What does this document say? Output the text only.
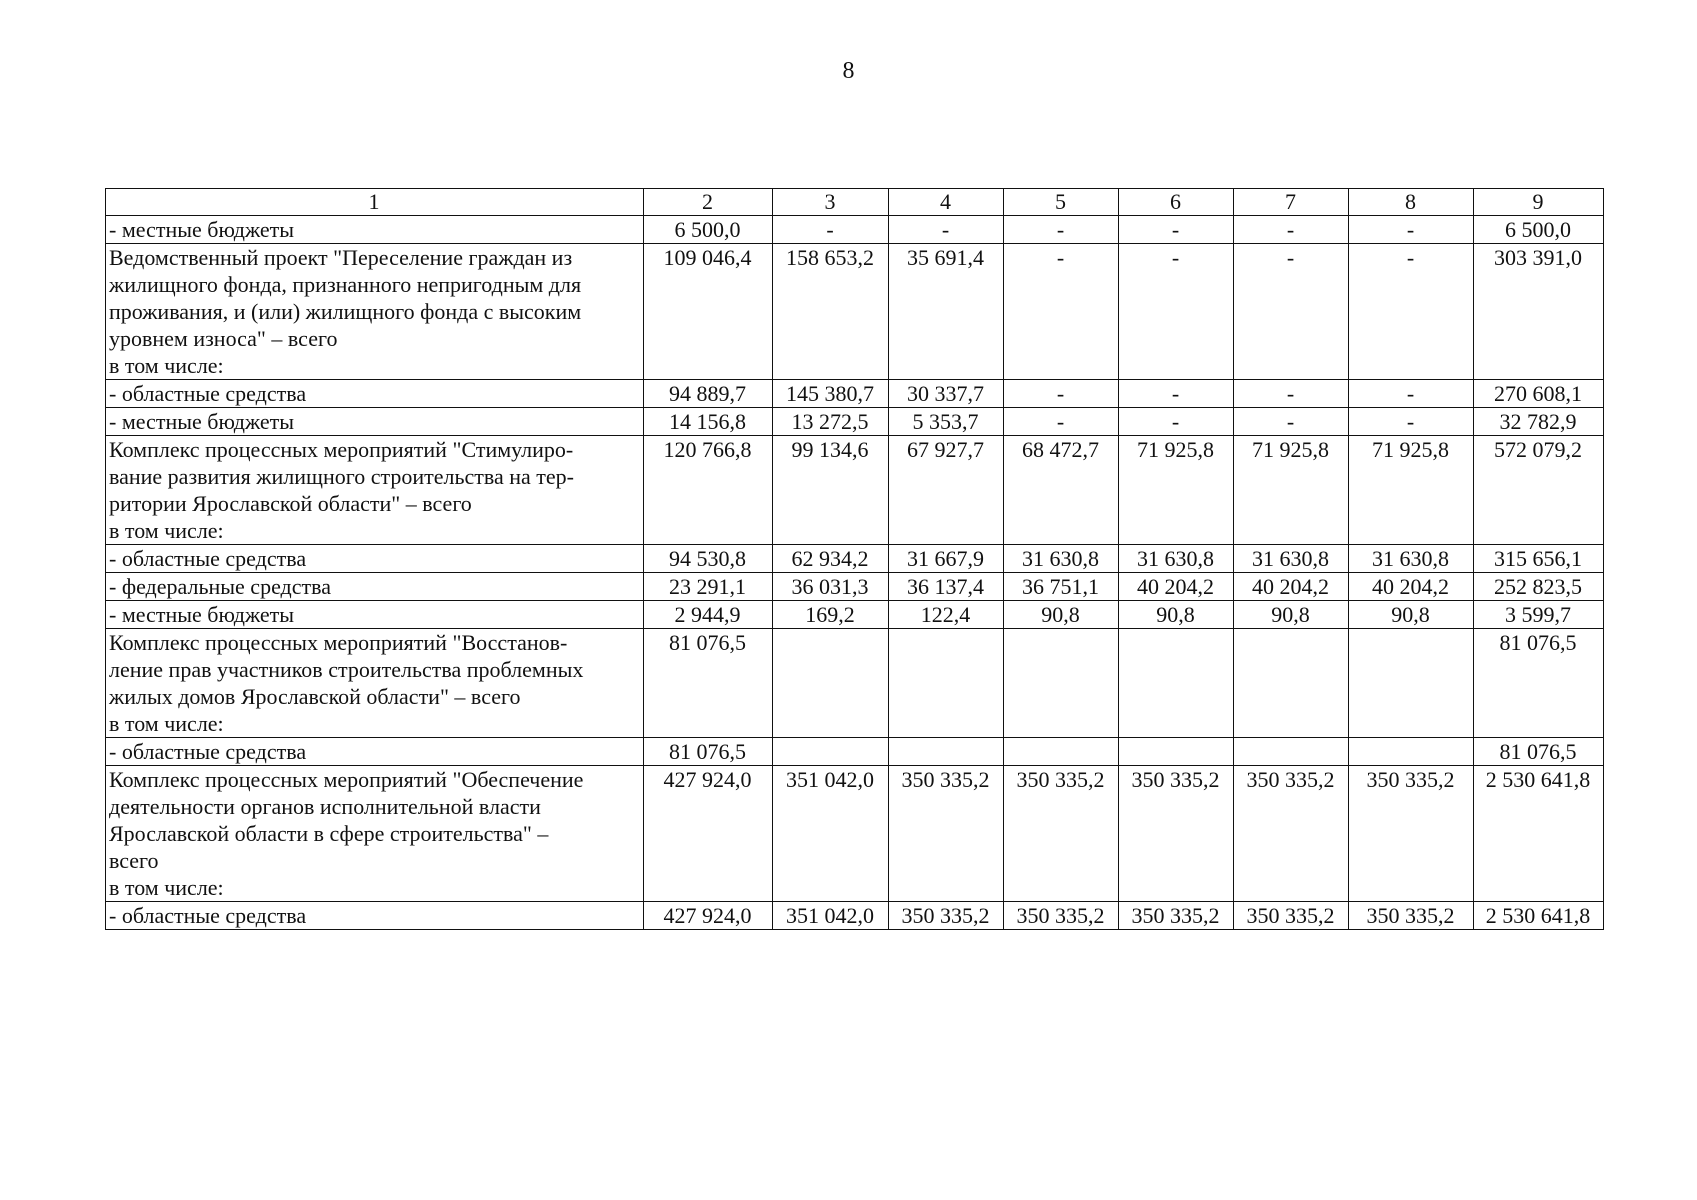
8
1	2	3	4	5	6	7	8	9

- местные бюджеты	6 500,0	-	-	-	-	-	-	6 500,0

Ведомственный проект "Переселение граждан из
жилищного фонда, признанного непригодным для
проживания, и (или) жилищного фонда с высоким
уровнем износа" – всего
в том числе:	109 046,4	158 653,2	35 691,4	-	-	-	-	303 391,0

- областные средства	94 889,7	145 380,7	30 337,7	-	-	-	-	270 608,1

- местные бюджеты	14 156,8	13 272,5	5 353,7	-	-	-	-	32 782,9

Комплекс процессных мероприятий "Стимулиро-
вание развития жилищного строительства на тер-
ритории Ярославской области" – всего
в том числе:	120 766,8	99 134,6	67 927,7	68 472,7	71 925,8	71 925,8	71 925,8	572 079,2

- областные средства	94 530,8	62 934,2	31 667,9	31 630,8	31 630,8	31 630,8	31 630,8	315 656,1

- федеральные средства	23 291,1	36 031,3	36 137,4	36 751,1	40 204,2	40 204,2	40 204,2	252 823,5

- местные бюджеты	2 944,9	169,2	122,4	90,8	90,8	90,8	90,8	3 599,7

Комплекс процессных мероприятий "Восстанов-
ление прав участников строительства проблемных
жилых домов Ярославской области" – всего
в том числе:	81 076,5							81 076,5

- областные средства	81 076,5							81 076,5

Комплекс процессных мероприятий "Обеспечение
деятельности органов исполнительной власти
Ярославской области в сфере строительства" –
всего
в том числе:	427 924,0	351 042,0	350 335,2	350 335,2	350 335,2	350 335,2	350 335,2	2 530 641,8

- областные средства	427 924,0	351 042,0	350 335,2	350 335,2	350 335,2	350 335,2	350 335,2	2 530 641,8
